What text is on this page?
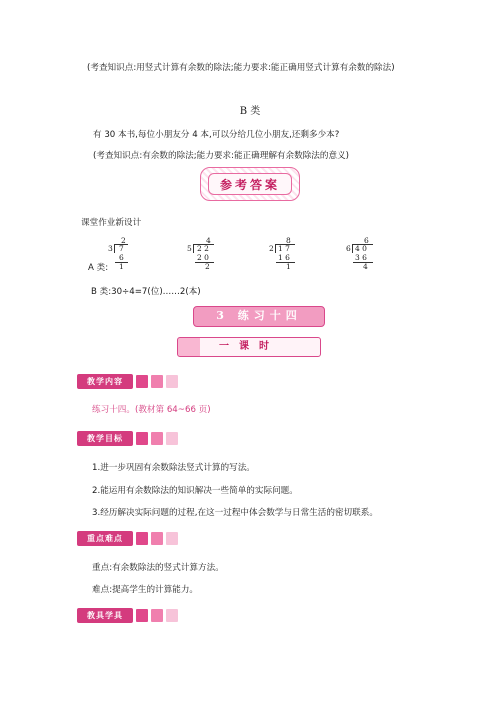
(考查知识点:用竖式计算有余数的除法;能力要求:能正确用竖式计算有余数的除法)
B 类
有 30 本书,每位小朋友分 4 本,可以分给几位小朋友,还剩多少本?
(考查知识点:有余数的除法;能力要求:能正确理解有余数除法的意义)
参考答案
课堂作业新设计
2
3 7
6
1
4
5 2 2
2 0
2
8
2 1 7
1 6
1
6
6 4 0
3 6
4
A 类:
B 类:30÷4=7(位)……2(本)
3 练习十四
一课时
教学内容
练习十四。(教材第 64~66 页)
教学目标
1.进一步巩固有余数除法竖式计算的写法。
2.能运用有余数除法的知识解决一些简单的实际问题。
3.经历解决实际问题的过程,在这一过程中体会数学与日常生活的密切联系。
重点难点
重点:有余数除法的竖式计算方法。
难点:提高学生的计算能力。
教具学具
